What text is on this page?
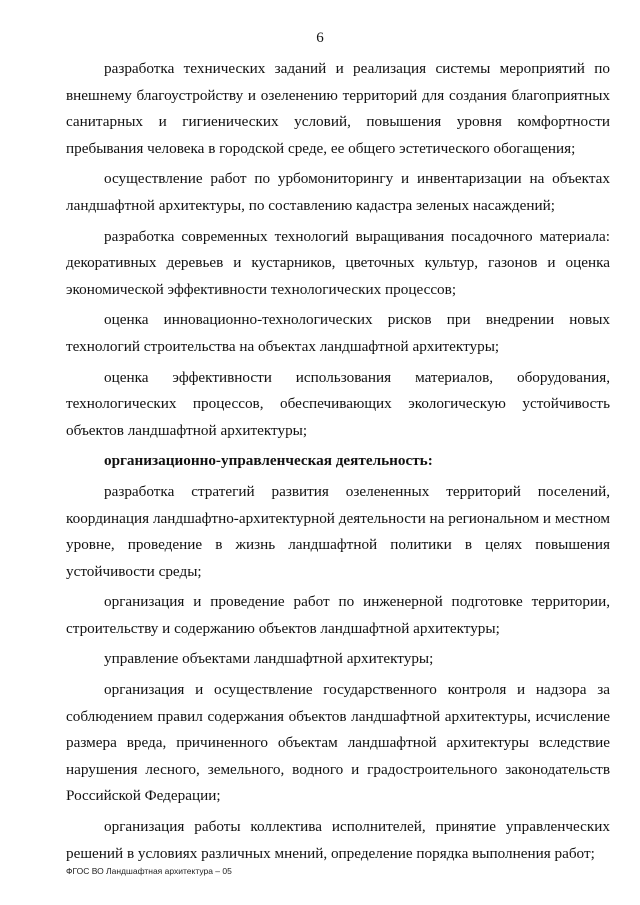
6

разработка технических заданий и реализация системы мероприятий по внешнему благоустройству и озеленению территорий для создания благоприятных санитарных и гигиенических условий, повышения уровня комфортности пребывания человека в городской среде, ее общего эстетического обогащения;

осуществление работ по урбомониторингу и инвентаризации на объектах ландшафтной архитектуры, по составлению кадастра зеленых насаждений;

разработка современных технологий выращивания посадочного материала: декоративных деревьев и кустарников, цветочных культур, газонов и оценка экономической эффективности технологических процессов;

оценка инновационно-технологических рисков при внедрении новых технологий строительства на объектах ландшафтной архитектуры;

оценка эффективности использования материалов, оборудования, технологических процессов, обеспечивающих экологическую устойчивость объектов ландшафтной архитектуры;

организационно-управленческая деятельность:

разработка стратегий развития озелененных территорий поселений, координация ландшафтно-архитектурной деятельности на региональном и местном уровне, проведение в жизнь ландшафтной политики в целях повышения устойчивости среды;

организация и проведение работ по инженерной подготовке территории, строительству и содержанию объектов ландшафтной архитектуры;

управление объектами ландшафтной архитектуры;

организация и осуществление государственного контроля и надзора за соблюдением правил содержания объектов ландшафтной архитектуры, исчисление размера вреда, причиненного объектам ландшафтной архитектуры вследствие нарушения лесного, земельного, водного и градостроительного законодательств Российской Федерации;

организация работы коллектива исполнителей, принятие управленческих решений в условиях различных мнений, определение порядка выполнения работ;

ФГОС ВО Ландшафтная архитектура – 05
